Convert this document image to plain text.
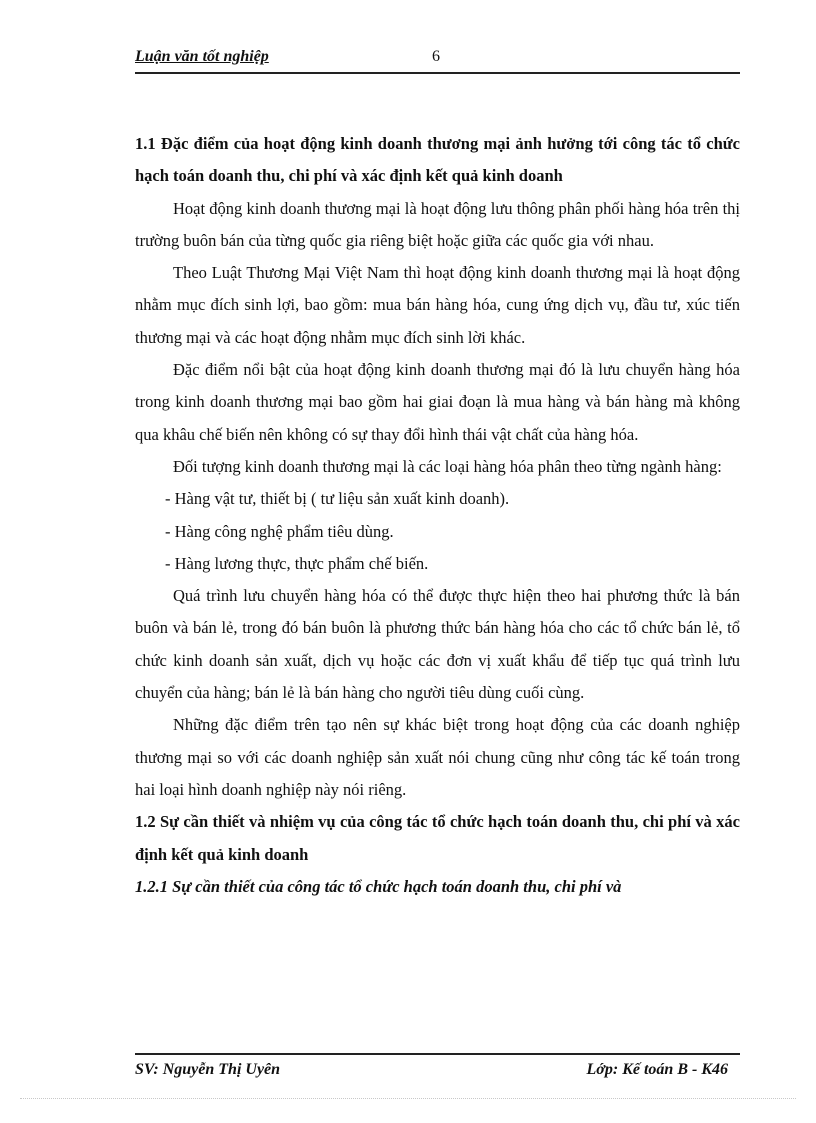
Luận văn tốt nghiệp	6

1.1 Đặc điểm của hoạt động kinh doanh thương mại ảnh hưởng tới công tác tổ chức hạch toán doanh thu, chi phí và xác định kết quả kinh doanh

Hoạt động kinh doanh thương mại là hoạt động lưu thông phân phối hàng hóa trên thị trường buôn bán của từng quốc gia riêng biệt hoặc giữa các quốc gia với nhau.

Theo Luật Thương Mại Việt Nam thì hoạt động kinh doanh thương mại là hoạt động nhằm mục đích sinh lợi, bao gồm: mua bán hàng hóa, cung ứng dịch vụ, đầu tư, xúc tiến thương mại và các hoạt động nhằm mục đích sinh lời khác.

Đặc điểm nổi bật của hoạt động kinh doanh thương mại đó là lưu chuyển hàng hóa trong kinh doanh thương mại bao gồm hai giai đoạn là mua hàng và bán hàng mà không qua khâu chế biến nên không có sự thay đổi hình thái vật chất của hàng hóa.

Đối tượng kinh doanh thương mại là các loại hàng hóa phân theo từng ngành hàng:

- Hàng vật tư, thiết bị ( tư liệu sản xuất kinh doanh).

- Hàng công nghệ phẩm tiêu dùng.

- Hàng lương thực, thực phẩm chế biến.

Quá trình lưu chuyển hàng hóa có thể được thực hiện theo hai phương thức là bán buôn và bán lẻ, trong đó bán buôn là phương thức bán hàng hóa cho các tổ chức bán lẻ, tổ chức kinh doanh sản xuất, dịch vụ hoặc các đơn vị xuất khẩu để tiếp tục quá trình lưu chuyển của hàng; bán lẻ là bán hàng cho người tiêu dùng cuối cùng.

Những đặc điểm trên tạo nên sự khác biệt trong hoạt động của các doanh nghiệp thương mại so với các doanh nghiệp sản xuất nói chung cũng như công tác kế toán trong hai loại hình doanh nghiệp này nói riêng.

1.2 Sự cần thiết và nhiệm vụ của công tác tổ chức hạch toán doanh thu, chi phí và xác định kết quả kinh doanh

1.2.1 Sự cần thiết của công tác tổ chức hạch toán doanh thu, chi phí và

SV: Nguyễn Thị Uyên	Lớp: Kế toán B - K46
